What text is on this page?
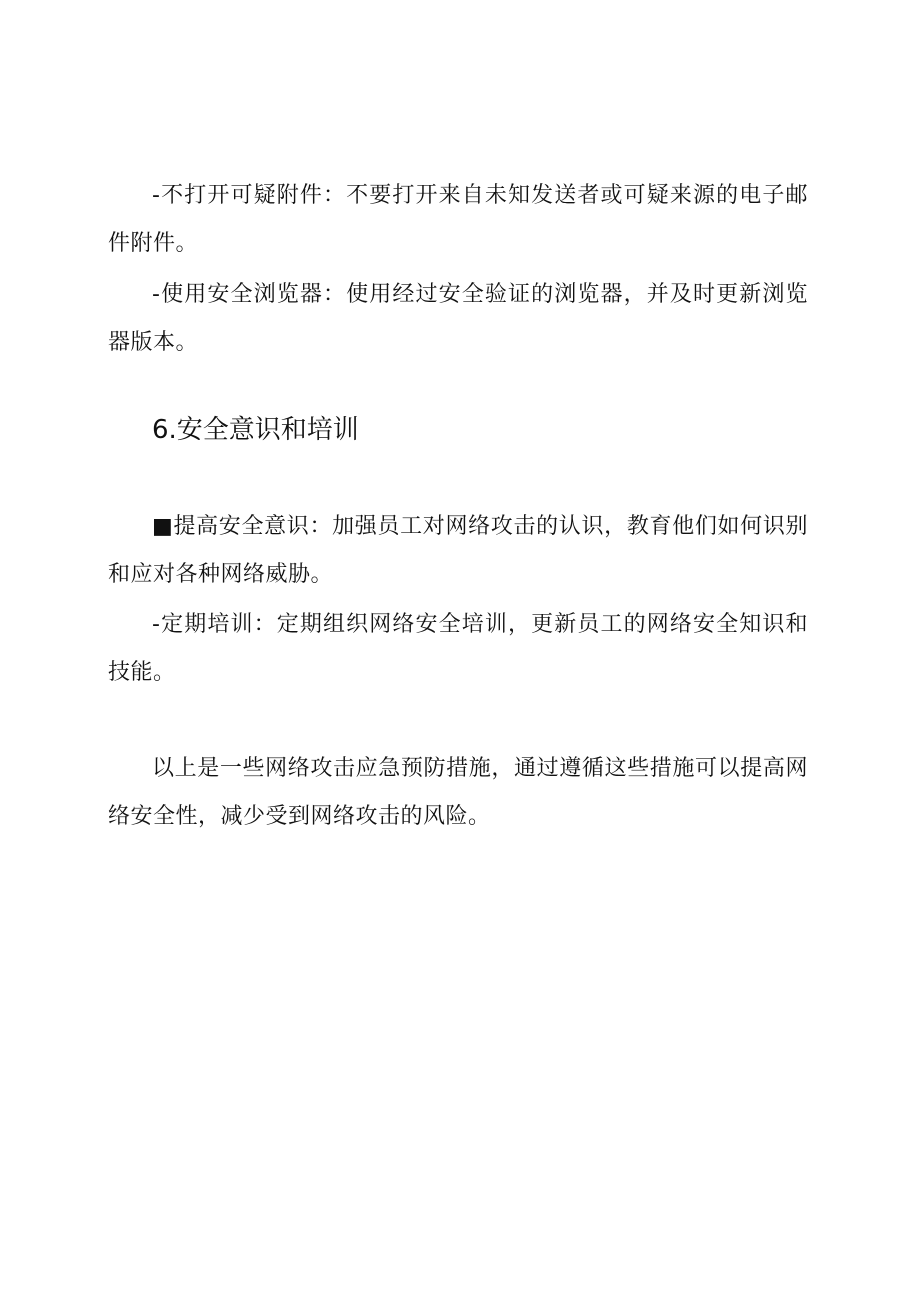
-不打开可疑附件：不要打开来自未知发送者或可疑来源的电子邮件附件。

-使用安全浏览器：使用经过安全验证的浏览器，并及时更新浏览器版本。

6.安全意识和培训

■提高安全意识：加强员工对网络攻击的认识，教育他们如何识别和应对各种网络威胁。

-定期培训：定期组织网络安全培训，更新员工的网络安全知识和技能。

以上是一些网络攻击应急预防措施，通过遵循这些措施可以提高网络安全性，减少受到网络攻击的风险。
